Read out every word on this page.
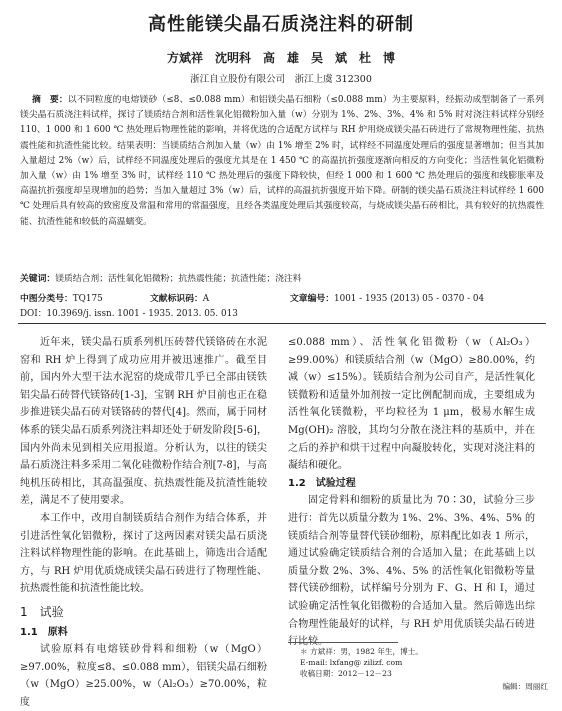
高性能镁尖晶石质浇注料的研制
方斌祥　沈明科　高　雄　吴　斌　杜　博
浙江自立股份有限公司　浙江上虞 312300
摘　要：以不同粒度的电熔镁砂（≤8、≤0.088 mm）和铝镁尖晶石细粉（≤0.088 mm）为主要原料，经振动成型制备了一系列镁尖晶石质浇注料试样，探讨了镁质结合剂和活性氧化铝微粉加入量（w）分别为 1%、2%、3%、4% 和 5% 时对浇注料试样分别经 110、1 000 和 1 600 ℃ 热处理后物理性能的影响，并将优选的合适配方试样与 RH 炉用烧成镁尖晶石砖进行了常规物理性能、抗热震性能和抗渣性能比较。结果表明：当镁质结合剂加入量（w）由 1% 增至 2% 时，试样经不同温度处理后的强度显著增加；但当其加入量超过 2%（w）后，试样经不同温度处理后的强度尤其是在 1 450 ℃ 的高温抗折强度逐渐向相反的方向变化；当活性氧化铝微粉加入量（w）由 1% 增至 3% 时，试样经 110 ℃ 热处理后的强度下降较快，但经 1 000 和 1 600 ℃ 热处理后的强度和线膨胀率及高温抗折强度却呈现增加的趋势；当加入量超过 3%（w）后，试样的高温抗折强度开始下降。研制的镁尖晶石质浇注料试样经 1 600 ℃ 处理后具有较高的致密度及常温和常用的常温强度，且经各类温度处理后其强度较高，与烧成镁尖晶石砖相比，具有较好的抗热震性能、抗渣性能和较低的高温蠕变。
关键词：镁质结合剂；活性氧化铝微粉；抗热震性能；抗渣性能；浇注料
中图分类号：TQ175	文献标识码：A	文章编号：1001 - 1935 (2013) 05 - 0370 - 04
DOI：10.3969/j. issn. 1001 - 1935. 2013. 05. 013

近年来，镁尖晶石质系列机压砖替代镁铬砖在水泥窑和 RH 炉上得到了成功应用并被迅速推广。截至目前，国内外大型干法水泥窑的烧成带几乎已全部由镁铁铝尖晶石砖替代镁铬砖[1-3]，宝钢 RH 炉目前也正在稳步推进镁尖晶石砖对镁铬砖的替代[4]。然而，属于同材体系的镁尖晶石质系列浇注料却还处于研发阶段[5-6]，国内外尚未见到相关应用报道。分析认为，以往的镁尖晶石质浇注料多采用二氧化硅微粉作结合剂[7-8]，与高纯机压砖相比，其高温强度、抗热震性能及抗渣性能较差，满足不了使用要求。

本工作中，改用自制镁质结合剂作为结合体系，并引进活性氧化铝微粉，探讨了这两因素对镁尖晶石质浇注料试样物理性能的影响。在此基础上，筛选出合适配方，与 RH 炉用优质烧成镁尖晶石砖进行了物理性能、抗热震性能和抗渣性能比较。

1　试验
1.1　原料

试验原料有电熔镁砂骨料和细粉（w（MgO）≥97.00%，粒度≤8、≤0.088 mm），铝镁尖晶石细粉（w（MgO）≥25.00%，w（Al₂O₃）≥70.00%，粒度

≤0.088 mm）、活性氧化铝微粉（w（Al₂O₃）≥99.00%）和镁质结合剂（w（MgO）≥80.00%，约减（w）≤15%）。镁质结合剂为公司自产，是活性氧化镁微粉和适量外加剂按一定比例配制而成，主要组成为活性氧化镁微粉，平均粒径为 1 μm，极易水解生成 Mg(OH)₂ 溶胶，其均匀分散在浇注料的基质中，并在之后的养护和烘干过程中向凝胶转化，实现对浇注料的凝结和硬化。

1.2　试验过程

固定骨料和细粉的质量比为 70∶30，试验分三步进行：首先以质量分数为 1%、2%、3%、4%、5% 的镁质结合剂等量替代镁砂细粉，原料配比如表 1 所示，通过试验确定镁质结合剂的合适加入量；在此基础上以质量分数 2%、3%、4%、5% 的活性氧化铝微粉等量替代镁砂细粉，试样编号分别为 F、G、H 和 I，通过试验确定活性氧化铝微粉的合适加入量。然后筛选出综合物理性能最好的试样，与 RH 炉用优质镁尖晶石砖进行比较。

＊ 方斌祥：男，1982 年生，博士。
E-mail: lxfang@ zilizf. com
收稿日期：2012－12－23
编辑：周丽红
